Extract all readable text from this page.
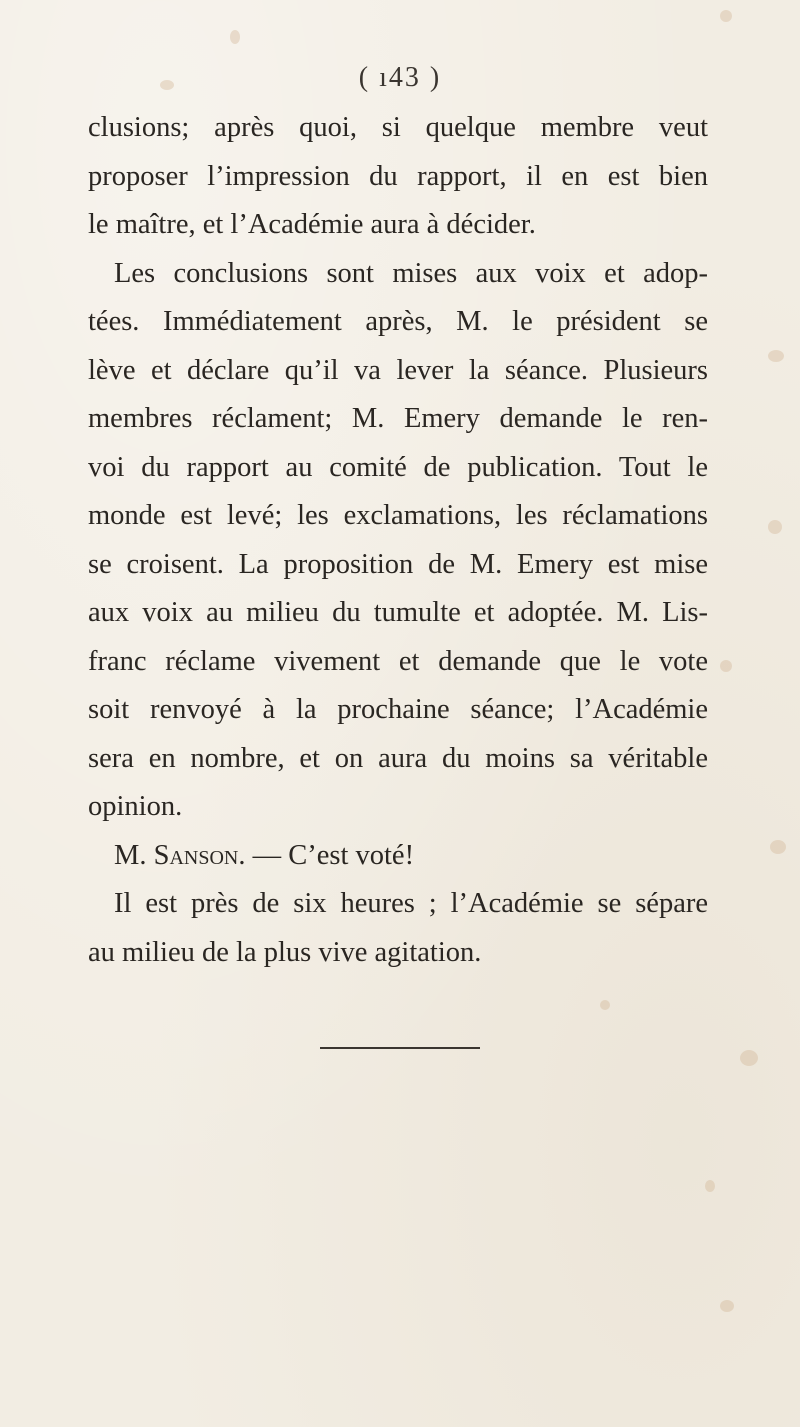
( ı43 )
clusions; après quoi, si quelque membre veut
proposer l’impression du rapport, il en est bien
le maître, et l’Académie aura à décider.
Les conclusions sont mises aux voix et adop-
tées. Immédiatement après, M. le président se
lève et déclare qu’il va lever la séance. Plusieurs
membres réclament; M. Emery demande le ren-
voi du rapport au comité de publication. Tout le
monde est levé; les exclamations, les réclamations
se croisent. La proposition de M. Emery est mise
aux voix au milieu du tumulte et adoptée. M. Lis-
franc réclame vivement et demande que le vote
soit renvoyé à la prochaine séance; l’Académie
sera en nombre, et on aura du moins sa véritable
opinion.
M. Sanson. — C’est voté!
Il est près de six heures ; l’Académie se sépare
au milieu de la plus vive agitation.
